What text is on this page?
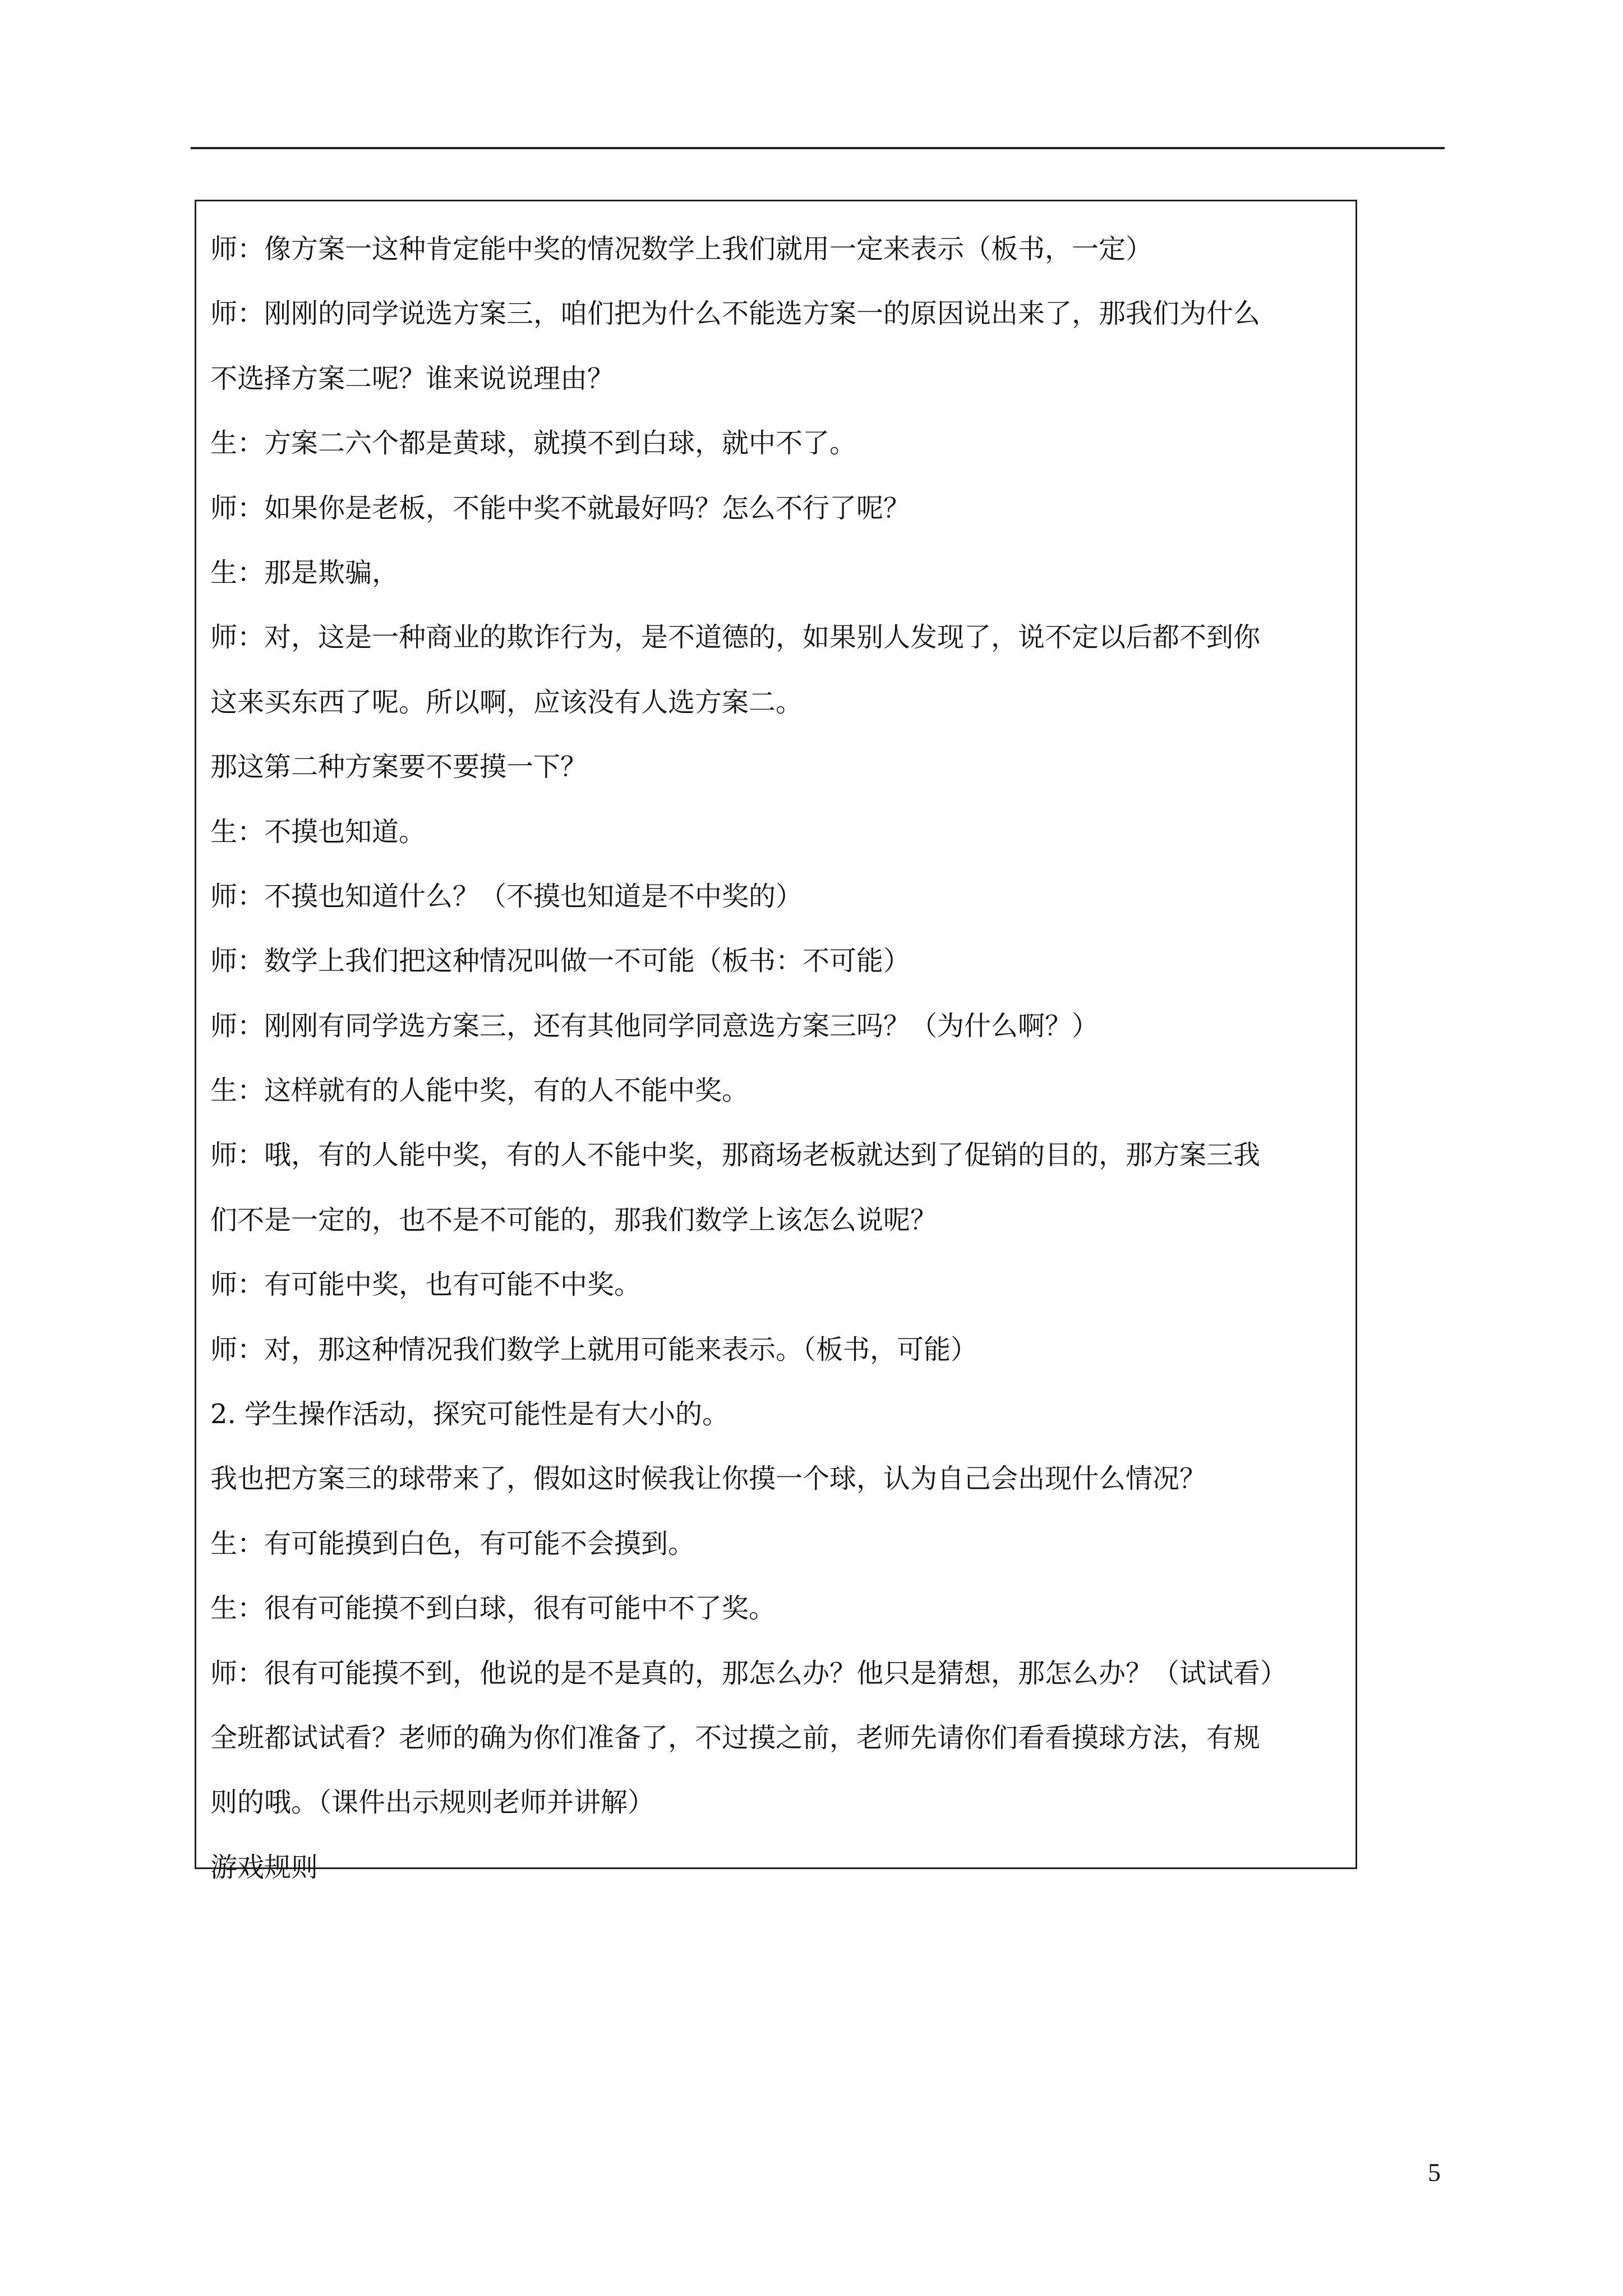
师：像方案一这种肯定能中奖的情况数学上我们就用一定来表示（板书，一定）
师：刚刚的同学说选方案三，咱们把为什么不能选方案一的原因说出来了，那我们为什么
不选择方案二呢？谁来说说理由？
生：方案二六个都是黄球，就摸不到白球，就中不了。
师：如果你是老板，不能中奖不就最好吗？怎么不行了呢？
生：那是欺骗，
师：对，这是一种商业的欺诈行为，是不道德的，如果别人发现了，说不定以后都不到你
这来买东西了呢。所以啊，应该没有人选方案二。
那这第二种方案要不要摸一下？
生：不摸也知道。
师：不摸也知道什么？（不摸也知道是不中奖的）
师：数学上我们把这种情况叫做一不可能（板书：不可能）
师：刚刚有同学选方案三，还有其他同学同意选方案三吗？（为什么啊？）
生：这样就有的人能中奖，有的人不能中奖。
师：哦，有的人能中奖，有的人不能中奖，那商场老板就达到了促销的目的，那方案三我
们不是一定的，也不是不可能的，那我们数学上该怎么说呢？
师：有可能中奖，也有可能不中奖。
师：对，那这种情况我们数学上就用可能来表示。（板书，可能）
2. 学生操作活动，探究可能性是有大小的。
我也把方案三的球带来了，假如这时候我让你摸一个球，认为自己会出现什么情况？
生：有可能摸到白色，有可能不会摸到。
生：很有可能摸不到白球，很有可能中不了奖。
师：很有可能摸不到，他说的是不是真的，那怎么办？他只是猜想，那怎么办？（试试看）
全班都试试看？老师的确为你们准备了，不过摸之前，老师先请你们看看摸球方法，有规
则的哦。（课件出示规则老师并讲解）
游戏规则
5
